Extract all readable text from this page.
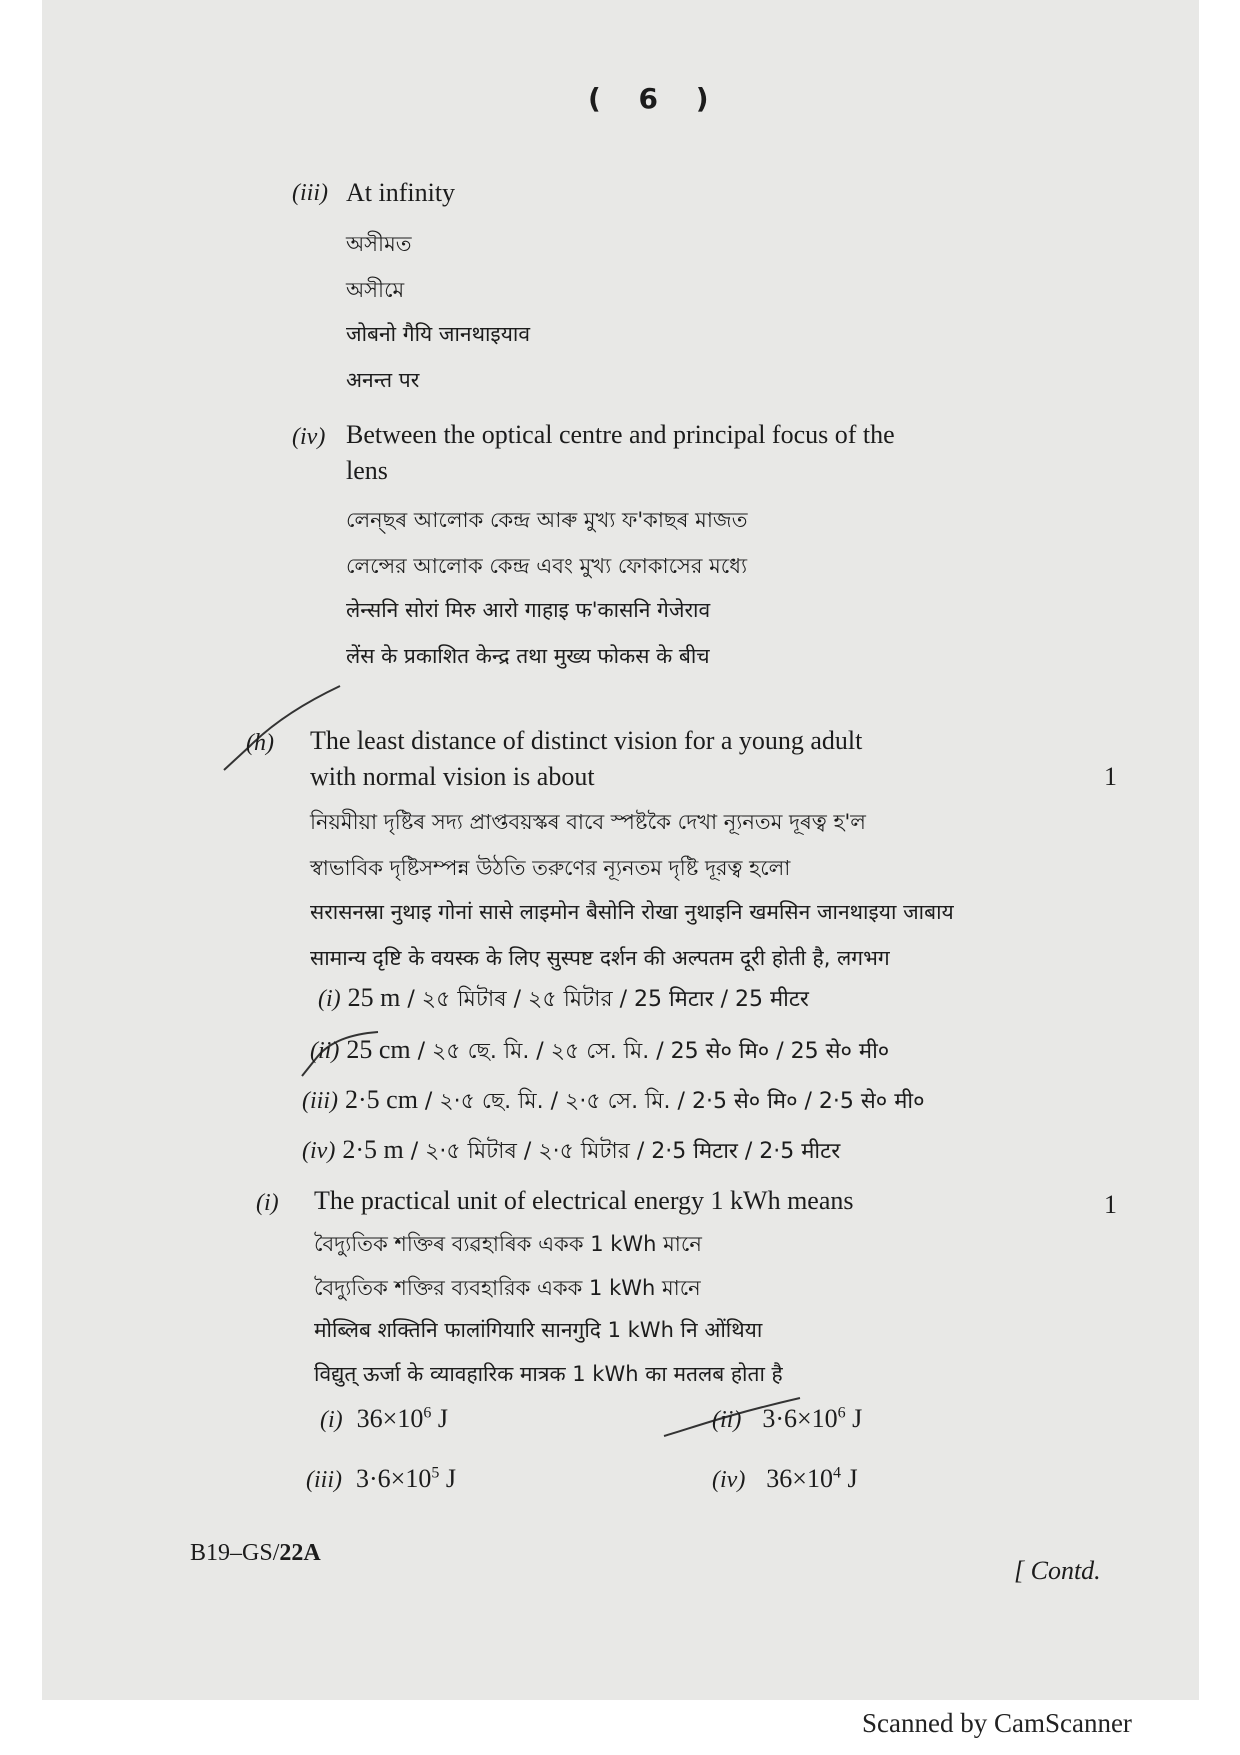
( 6 )
(iii) At infinity
অসীমত
অসীমে
जोबनो गैयि जानथाइयाव
अनन्त पर
(iv) Between the optical centre and principal focus of the
lens
লেন্‌ছৰ আলোক কেন্দ্ৰ আৰু মুখ্য ফ'কাছৰ মাজত
লেন্সের আলোক কেন্দ্র এবং মুখ্য ফোকাসের মধ্যে
लेन्सनि सोरां मिरु आरो गाहाइ फ'कासनि गेजेराव
लेंस के प्रकाशित केन्द्र तथा मुख्य फोकस के बीच
(h) The least distance of distinct vision for a young adult
with normal vision is about	1
নিয়মীয়া দৃষ্টিৰ সদ্য প্ৰাপ্তবয়স্কৰ বাবে স্পষ্টকৈ দেখা ন্যূনতম দূৰত্ব হ'ল
স্বাভাবিক দৃষ্টিসম্পন্ন উঠতি তরুণের ন্যূনতম দৃষ্টি দূরত্ব হলো
सरासनस्रा नुथाइ गोनां सासे लाइमोन बैसोनि रोखा नुथाइनि खमसिन जानथाइया जाबाय
सामान्य दृष्टि के वयस्क के लिए सुस्पष्ट दर्शन की अल्पतम दूरी होती है, लगभग
(i) 25 m / ২৫ মিটাৰ / ২৫ মিটার / 25 मिटार / 25 मीटर
(ii) 25 cm / ২৫ ছে. মি. / ২৫ সে. মি. / 25 से० मि० / 25 से० मी०
(iii) 2·5 cm / ২·৫ ছে. মি. / ২·৫ সে. মি. / 2·5 से० मि० / 2·5 से० मी०
(iv) 2·5 m / ২·৫ মিটাৰ / ২·৫ মিটার / 2·5 मिटार / 2·5 मीटर
(i) The practical unit of electrical energy 1 kWh means	1
বৈদ্যুতিক শক্তিৰ ব্যৱহাৰিক একক 1 kWh মানে
বৈদ্যুতিক শক্তির ব্যবহারিক একক 1 kWh মানে
मोब्लिब शक्तिनि फालांगियारि सानगुदि 1 kWh नि ओंथिया
विद्युत् ऊर्जा के व्यावहारिक मात्रक 1 kWh का मतलब होता है
(i) $36\times 10^6$ J	(ii) $3\cdot 6\times 10^6$ J
(iii) $3\cdot 6\times 10^5$ J	(iv) $36\times 10^4$ J
B19–GS/22A
[ Contd.
Scanned by CamScanner
